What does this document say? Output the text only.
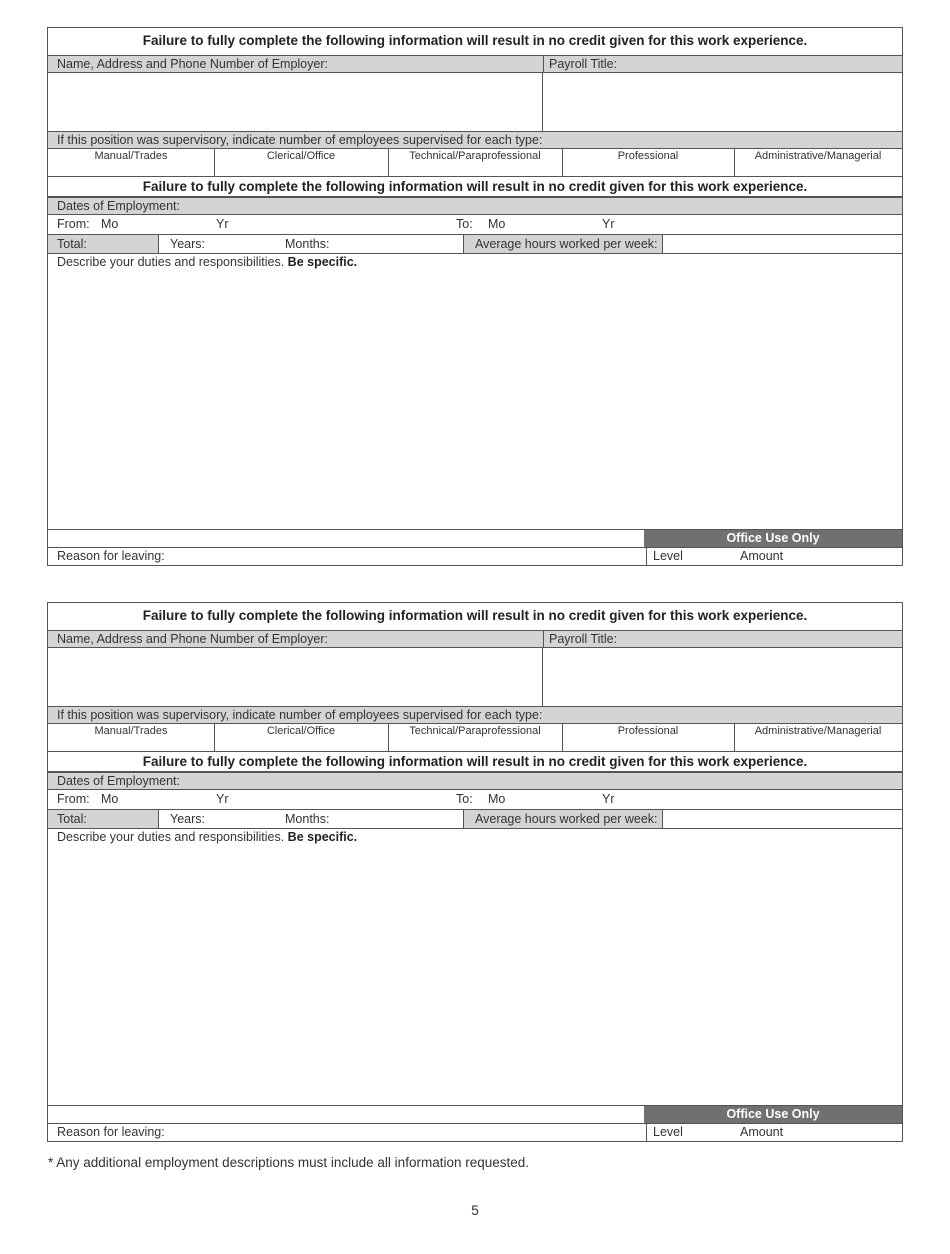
Failure to fully complete the following information will result in no credit given for this work experience.
Name, Address and Phone Number of Employer:	Payroll Title:
If this position was supervisory, indicate number of employees supervised for each type:
Manual/Trades	Clerical/Office	Technical/Paraprofessional	Professional	Administrative/Managerial
Failure to fully complete the following information will result in no credit given for this work experience.
Dates of Employment:
From: Mo	Yr	To: Mo	Yr
Total:	Years:	Months:	Average hours worked per week:
Describe your duties and responsibilities. Be specific.
Office Use Only
Reason for leaving:	Level	Amount
Failure to fully complete the following information will result in no credit given for this work experience.
Name, Address and Phone Number of Employer:	Payroll Title:
If this position was supervisory, indicate number of employees supervised for each type:
Manual/Trades	Clerical/Office	Technical/Paraprofessional	Professional	Administrative/Managerial
Failure to fully complete the following information will result in no credit given for this work experience.
Dates of Employment:
From: Mo	Yr	To: Mo	Yr
Total:	Years:	Months:	Average hours worked per week:
Describe your duties and responsibilities. Be specific.
Office Use Only
Reason for leaving:	Level	Amount
* Any additional employment descriptions must include all information requested.
5
